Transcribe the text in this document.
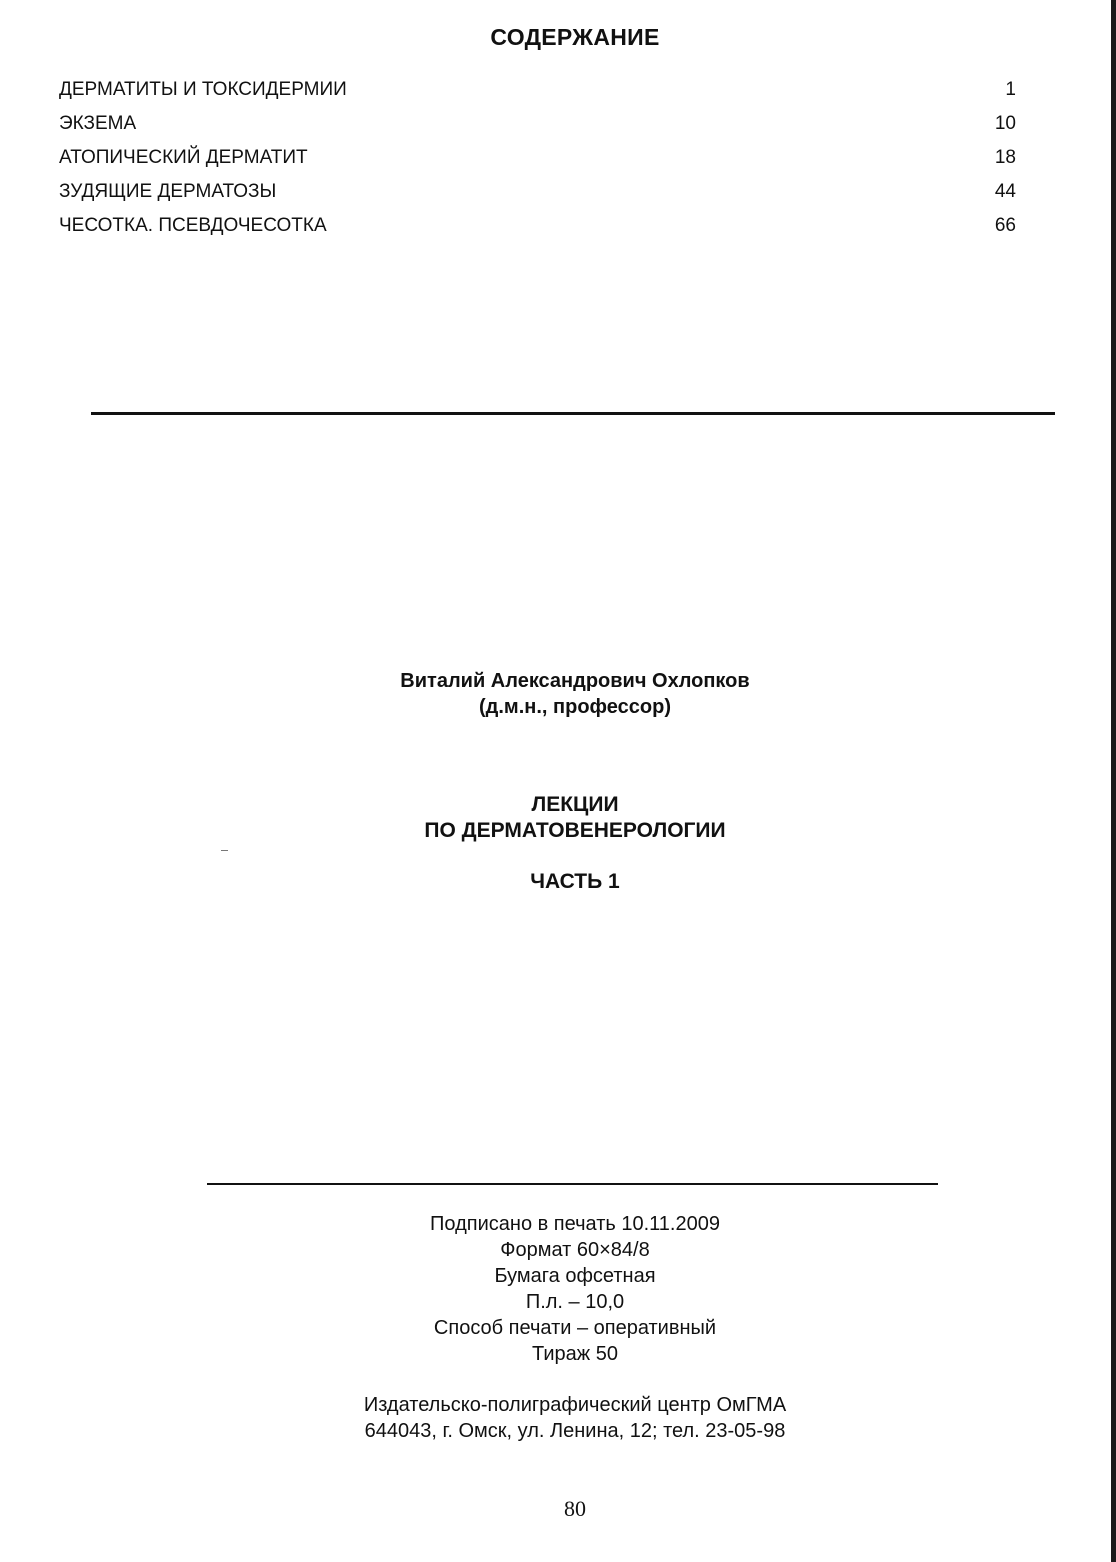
СОДЕРЖАНИЕ
ДЕРМАТИТЫ И ТОКСИДЕРМИИ	1
ЭКЗЕМА	10
АТОПИЧЕСКИЙ ДЕРМАТИТ	18
ЗУДЯЩИЕ ДЕРМАТОЗЫ	44
ЧЕСОТКА. ПСЕВДОЧЕСОТКА	66
Виталий Александрович Охлопков
(д.м.н., профессор)
ЛЕКЦИИ
ПО ДЕРМАТОВЕНЕРОЛОГИИ
ЧАСТЬ 1
Подписано в печать 10.11.2009
Формат 60×84/8
Бумага офсетная
П.л. – 10,0
Способ печати – оперативный
Тираж 50
Издательско-полиграфический центр ОмГМА
644043, г. Омск, ул. Ленина, 12; тел. 23-05-98
80
